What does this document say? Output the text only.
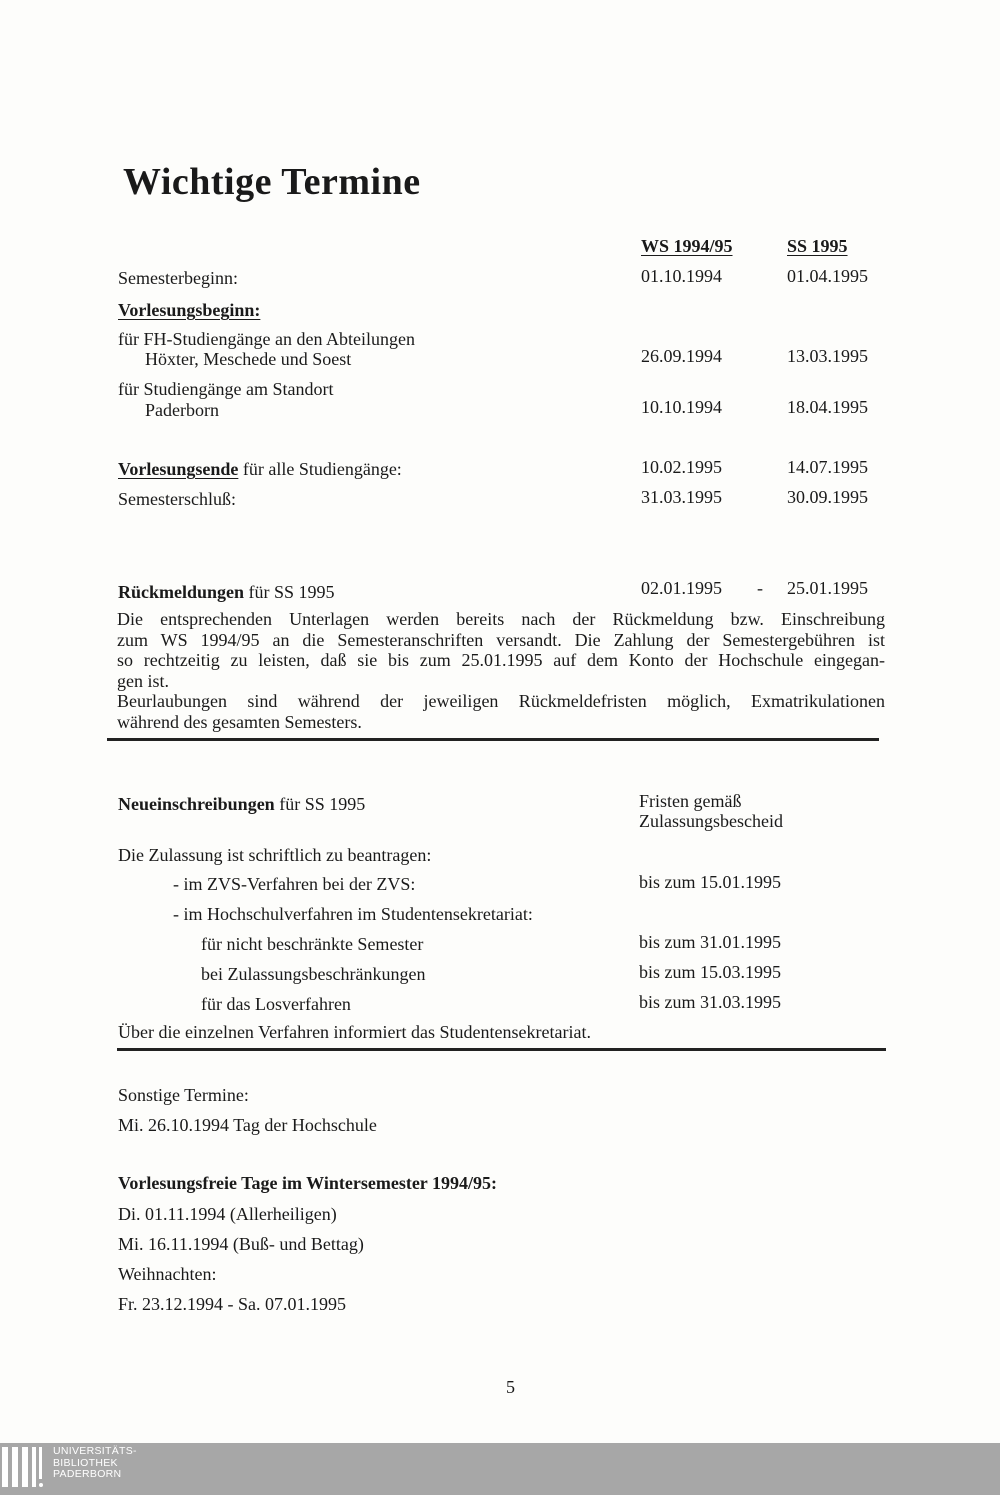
Wichtige Termine
WS 1994/95	SS 1995
Semesterbeginn:	01.10.1994	01.04.1995
Vorlesungsbeginn:
für FH-Studiengänge an den Abteilungen
Höxter, Meschede und Soest	26.09.1994	13.03.1995
für Studiengänge am Standort
Paderborn	10.10.1994	18.04.1995
Vorlesungsende für alle Studiengänge:	10.02.1995	14.07.1995
Semesterschluß:	31.03.1995	30.09.1995
Rückmeldungen für SS 1995	02.01.1995 - 25.01.1995
Die entsprechenden Unterlagen werden bereits nach der Rückmeldung bzw. Einschreibung
zum WS 1994/95 an die Semesteranschriften versandt. Die Zahlung der Semestergebühren ist
so rechtzeitig zu leisten, daß sie bis zum 25.01.1995 auf dem Konto der Hochschule eingegan-
gen ist.
Beurlaubungen sind während der jeweiligen Rückmeldefristen möglich, Exmatrikulationen
während des gesamten Semesters.
Neueinschreibungen für SS 1995	Fristen gemäß
Zulassungsbescheid
Die Zulassung ist schriftlich zu beantragen:
- im ZVS-Verfahren bei der ZVS:	bis zum 15.01.1995
- im Hochschulverfahren im Studentensekretariat:
für nicht beschränkte Semester	bis zum 31.01.1995
bei Zulassungsbeschränkungen	bis zum 15.03.1995
für das Losverfahren	bis zum 31.03.1995
Über die einzelnen Verfahren informiert das Studentensekretariat.
Sonstige Termine:
Mi. 26.10.1994 Tag der Hochschule
Vorlesungsfreie Tage im Wintersemester 1994/95:
Di. 01.11.1994 (Allerheiligen)
Mi. 16.11.1994 (Buß- und Bettag)
Weihnachten:
Fr. 23.12.1994 - Sa. 07.01.1995
5
UNIVERSITÄTS-
BIBLIOTHEK
PADERBORN
